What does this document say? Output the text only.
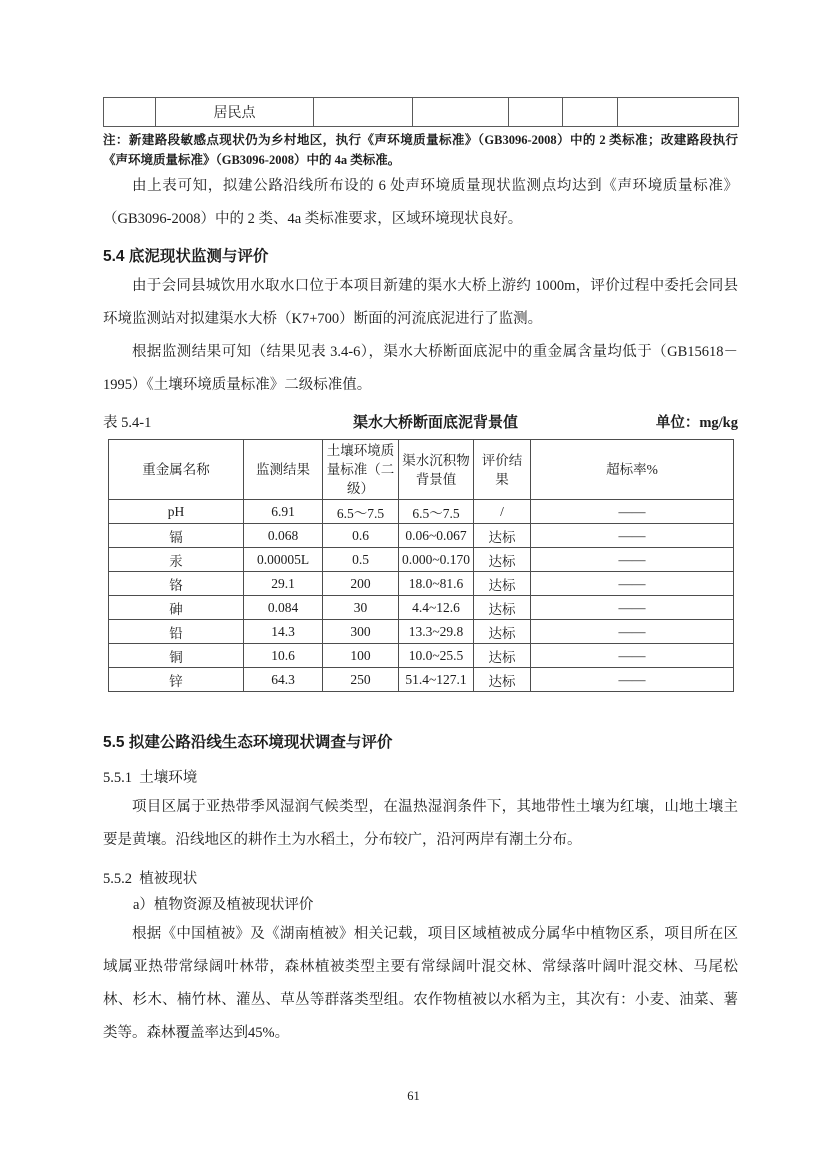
	居民点					
注：新建路段敏感点现状仍为乡村地区，执行《声环境质量标准》（GB3096-2008）中的 2 类标准；改建路段执行《声环境质量标准》（GB3096-2008）中的 4a 类标准。

由上表可知，拟建公路沿线所布设的 6 处声环境质量现状监测点均达到《声环境质量标准》（GB3096-2008）中的 2 类、4a 类标准要求，区域环境现状良好。

5.4 底泥现状监测与评价

由于会同县城饮用水取水口位于本项目新建的渠水大桥上游约 1000m，评价过程中委托会同县环境监测站对拟建渠水大桥（K7+700）断面的河流底泥进行了监测。

根据监测结果可知（结果见表 3.4-6），渠水大桥断面底泥中的重金属含量均低于（GB15618－1995）《土壤环境质量标准》二级标准值。

表 5.4-1	渠水大桥断面底泥背景值	单位：mg/kg
重金属名称	监测结果	土壤环境质量标准（二级）	渠水沉积物背景值	评价结果	超标率%
pH	6.91	6.5～7.5	6.5～7.5	/	——
镉	0.068	0.6	0.06~0.067	达标	——
汞	0.00005L	0.5	0.000~0.170	达标	——
铬	29.1	200	18.0~81.6	达标	——
砷	0.084	30	4.4~12.6	达标	——
铅	14.3	300	13.3~29.8	达标	——
铜	10.6	100	10.0~25.5	达标	——
锌	64.3	250	51.4~127.1	达标	——
5.5 拟建公路沿线生态环境现状调查与评价
5.5.1  土壤环境

项目区属于亚热带季风湿润气候类型，在温热湿润条件下，其地带性土壤为红壤，山地土壤主要是黄壤。沿线地区的耕作土为水稻土，分布较广，沿河两岸有潮土分布。

5.5.2  植被现状
a）植物资源及植被现状评价

根据《中国植被》及《湖南植被》相关记载，项目区域植被成分属华中植物区系，项目所在区域属亚热带常绿阔叶林带，森林植被类型主要有常绿阔叶混交林、常绿落叶阔叶混交林、马尾松林、杉木、楠竹林、灌丛、草丛等群落类型组。农作物植被以水稻为主，其次有：小麦、油菜、薯类等。森林覆盖率达到45%。

61
